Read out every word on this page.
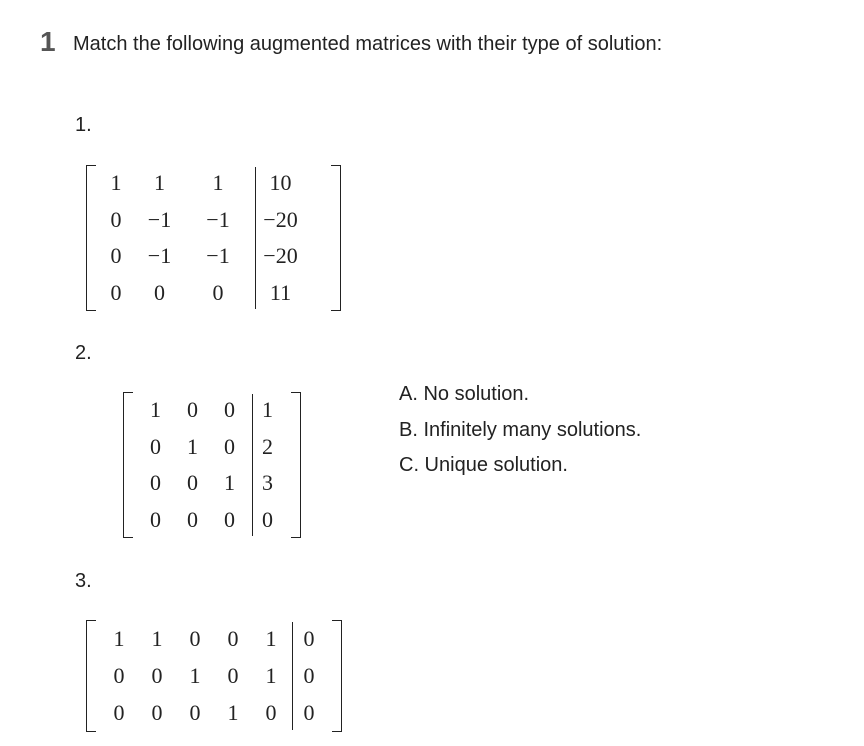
1 Match the following augmented matrices with their type of solution:
1.
1	1	1	10
0	−1	−1	−20
0	−1	−1	−20
0	0	0	11
2.
1	0	0	1
0	1	0	2
0	0	1	3
0	0	0	0
3.
1	1	0	0	1	0
0	0	1	0	1	0
0	0	0	1	0	0
A. No solution.
B. Infinitely many solutions.
C. Unique solution.
